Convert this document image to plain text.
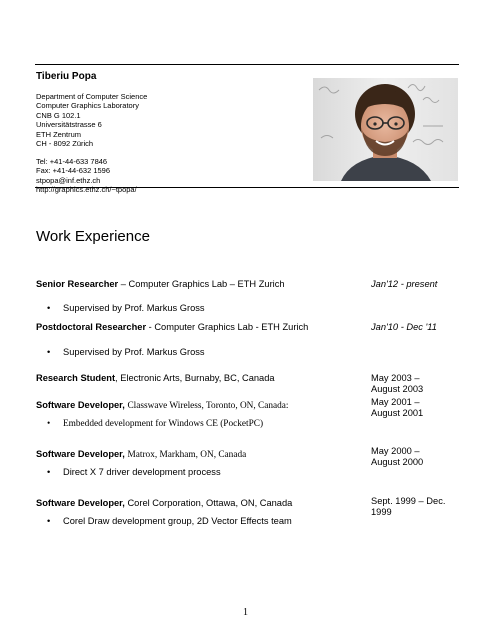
Tiberiu Popa
Department of Computer Science
Computer Graphics Laboratory
CNB G 102.1
Universitätstrasse 6
ETH Zentrum
CH - 8092 Zürich
Tel: +41-44-633 7846
Fax: +41-44-632 1596
stpopa@inf.ethz.ch
http://graphics.ethz.ch/~tpopa/
Work Experience
Senior Researcher – Computer Graphics Lab – ETH Zurich	Jan'12 - present
• Supervised by Prof. Markus Gross
Postdoctoral Researcher - Computer Graphics Lab - ETH Zurich	Jan'10 - Dec '11
• Supervised by Prof. Markus Gross
Research Student, Electronic Arts, Burnaby, BC, Canada	May 2003 –
August 2003
Software Developer, Classwave Wireless, Toronto, ON, Canada:	May 2001 –
August 2001
• Embedded development for Windows CE (PocketPC)
Software Developer, Matrox, Markham, ON, Canada	May 2000 –
August 2000
• Direct X 7 driver development process
Software Developer, Corel Corporation, Ottawa, ON, Canada	Sept. 1999 – Dec.
1999
• Corel Draw development group, 2D Vector Effects team
1
